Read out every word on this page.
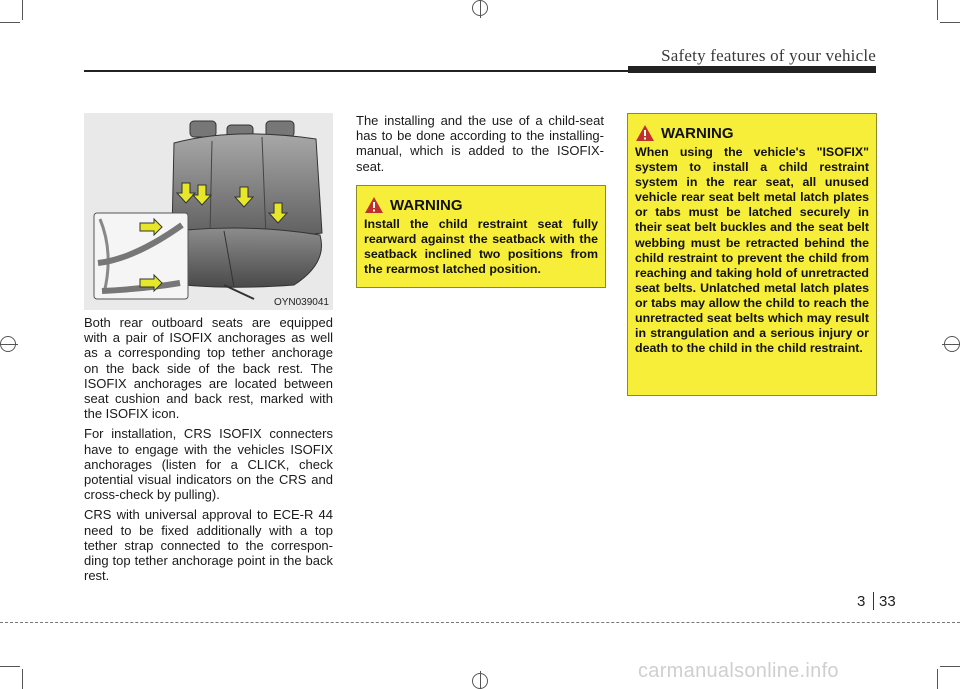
Safety features of your vehicle
OYN039041

Both rear outboard seats are equipped with a pair of ISOFIX anchorages as well as a corresponding top tether anchorage on the back side of the back rest. The ISOFIX anchorages are located between seat cushion and back rest, marked with the ISOFIX icon.

For installation, CRS ISOFIX connecters have to engage with the vehicles ISOFIX anchorages (listen for a CLICK, check potential visual indicators on the CRS and cross-check by pulling).

CRS with universal approval to ECE-R 44 need to be fixed additionally with a top tether strap connected to the correspon-ding top tether anchorage point in the back rest.

The installing and the use of a child-seat has to be done according to the installing-manual, which is added to the ISOFIX-seat.

WARNING
Install the child restraint seat fully rearward against the seatback with the seatback inclined two positions from the rearmost latched position.
WARNING
When using the vehicle's "ISOFIX" system to install a child restraint system in the rear seat, all unused vehicle rear seat belt metal latch plates or tabs must be latched securely in their seat belt buckles and the seat belt webbing must be retracted behind the child restraint to prevent the child from reaching and taking hold of unretracted seat belts. Unlatched metal latch plates or tabs may allow the child to reach the unretracted seat belts which may result in strangulation and a serious injury or death to the child in the child restraint.
3 33
carmanualsonline.info
